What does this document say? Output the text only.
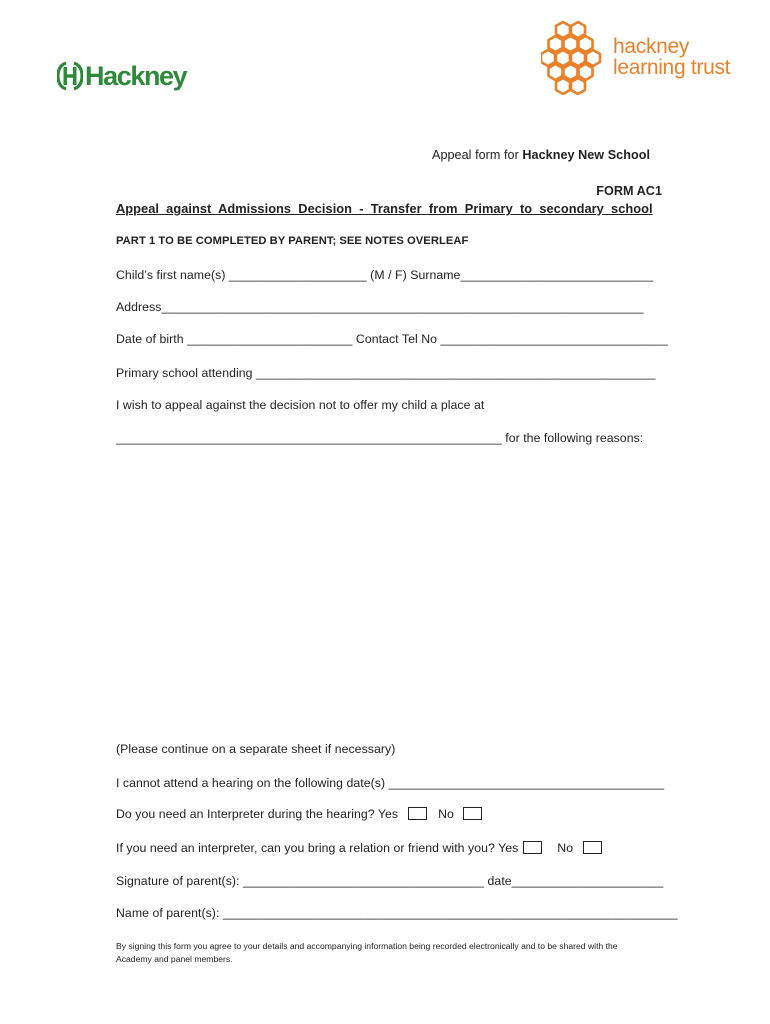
Hackney
hackney
learning trust
Appeal form for Hackney New School
FORM AC1
Appeal  against  Admissions  Decision  -  Transfer  from  Primary  to  secondary  school
PART 1 TO BE COMPLETED BY PARENT; SEE NOTES OVERLEAF
Child’s first name(s) ____________________ (M / F) Surname____________________________
Address______________________________________________________________________
Date of birth ________________________ Contact Tel No _________________________________
Primary school attending __________________________________________________________
I wish to appeal against the decision not to offer my child a place at
________________________________________________________ for the following reasons:
(Please continue on a separate sheet if necessary)
I cannot attend a hearing on the following date(s) ________________________________________
Do you need an Interpreter during the hearing? Yes	No
If you need an interpreter, can you bring a relation or friend with you? Yes	No
Signature of parent(s): ___________________________________ date______________________
Name of parent(s): __________________________________________________________________
By signing this form you agree to your details and accompanying information being recorded electronically and to be shared with the
Academy and panel members.
